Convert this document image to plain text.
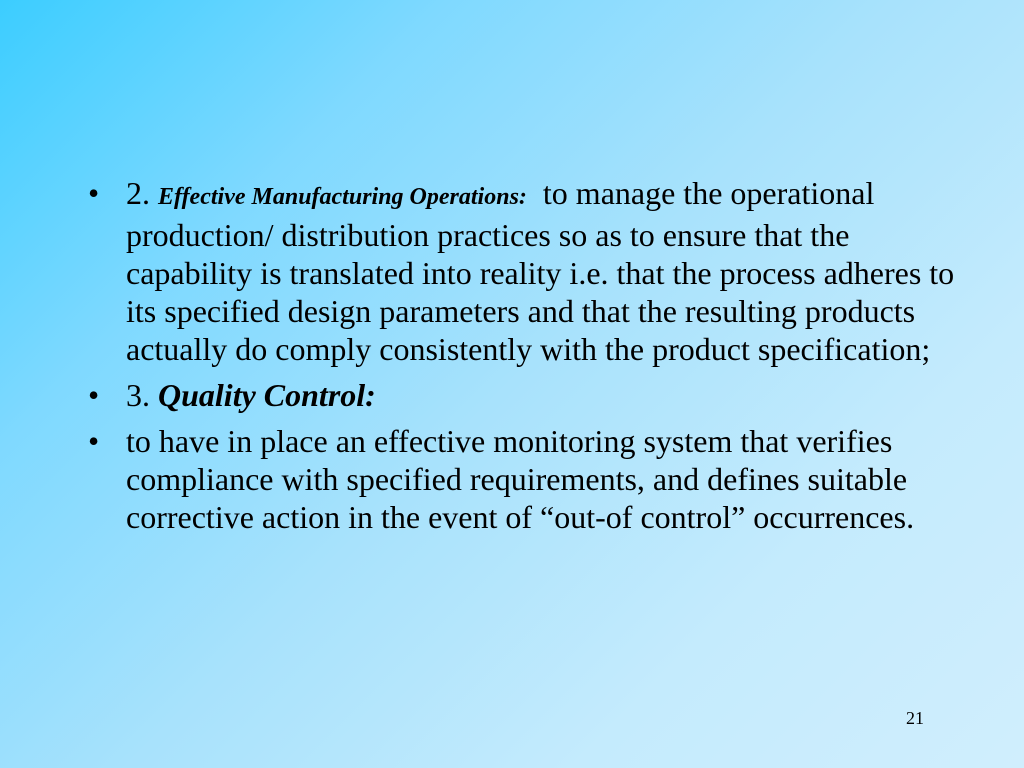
• 2. Effective Manufacturing Operations: to manage the operational production/ distribution practices so as to ensure that the capability is translated into reality i.e. that the process adheres to its specified design parameters and that the resulting products actually do comply consistently with the product specification;
• 3. Quality Control:
• to have in place an effective monitoring system that verifies compliance with specified requirements, and defines suitable corrective action in the event of “out-of control” occurrences.
21
